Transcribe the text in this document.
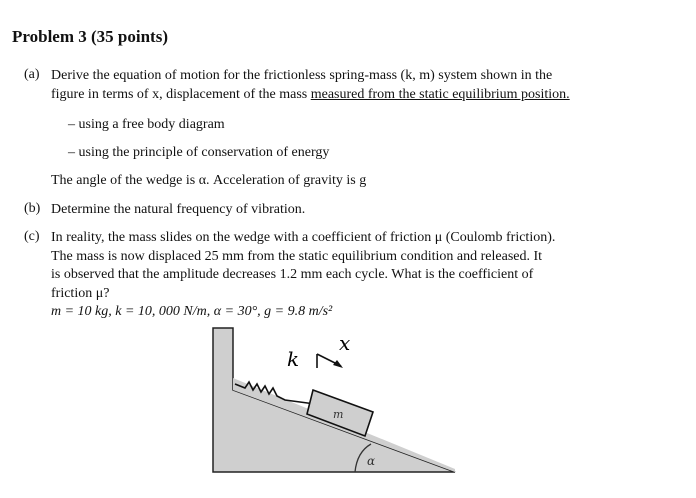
Problem 3 (35 points)
(a) Derive the equation of motion for the frictionless spring-mass (k, m) system shown in the
figure in terms of x, displacement of the mass measured from the static equilibrium position.
– using a free body diagram
– using the principle of conservation of energy
The angle of the wedge is α. Acceleration of gravity is g
(b) Determine the natural frequency of vibration.
(c) In reality, the mass slides on the wedge with a coefficient of friction μ (Coulomb friction).
The mass is now displaced 25 mm from the static equilibrium condition and released. It
is observed that the amplitude decreases 1.2 mm each cycle. What is the coefficient of
friction μ?
m = 10 kg, k = 10, 000 N/m, α = 30°, g = 9.8 m/s²
k
x
m
α
